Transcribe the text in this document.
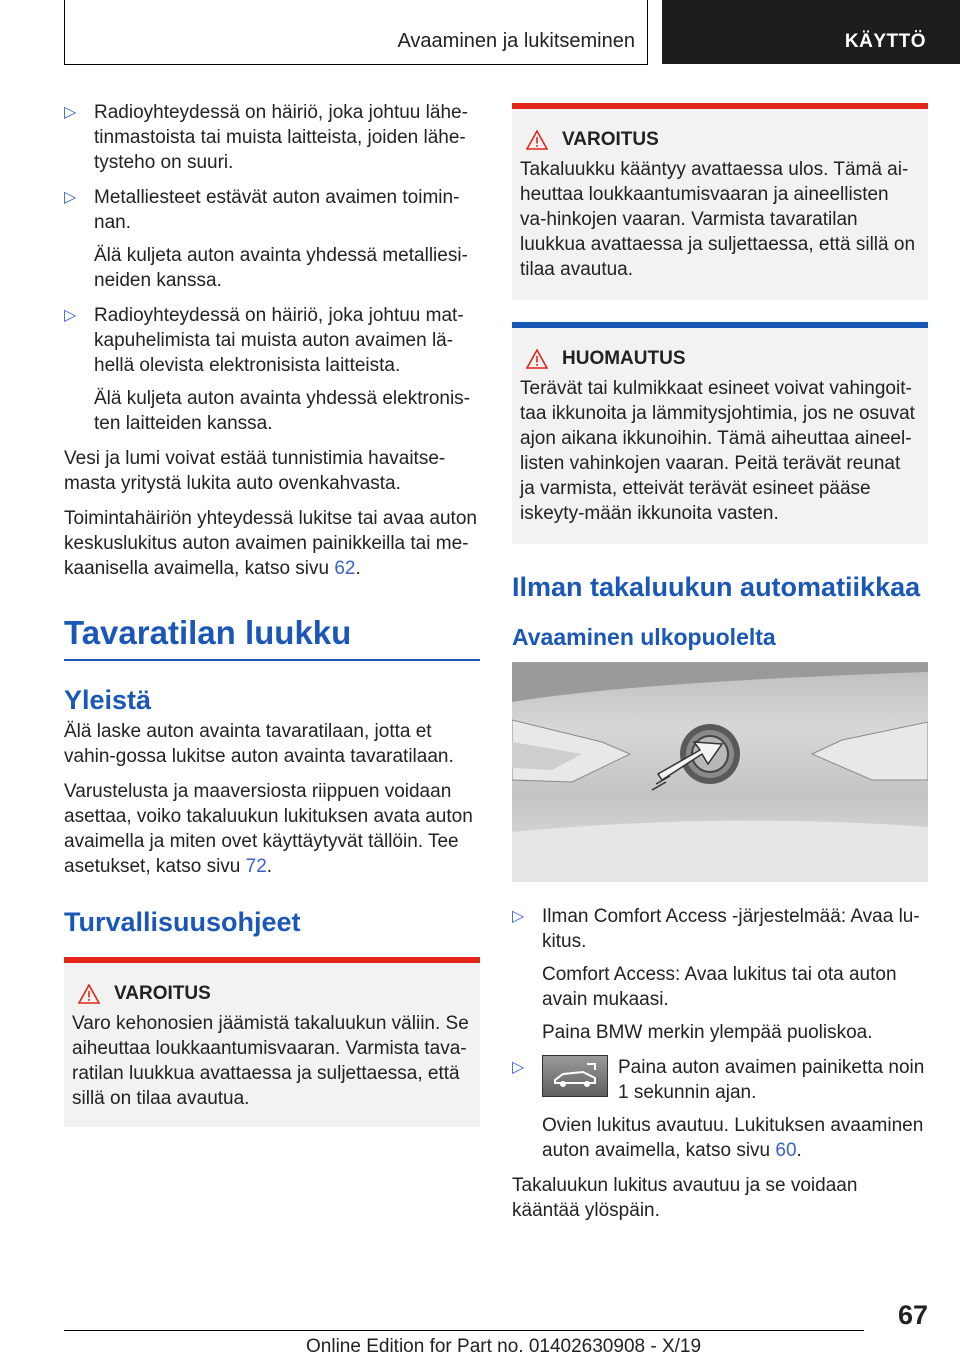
Avaaminen ja lukitseminen	KÄYTTÖ
▷ Radioyhteydessä on häiriö, joka johtuu lähe-tinmastoista tai muista laitteista, joiden lähe-tysteho on suuri.
▷ Metalliesteet estävät auton avaimen toimin-nan.
Älä kuljeta auton avainta yhdessä metalliesi-neiden kanssa.
▷ Radioyhteydessä on häiriö, joka johtuu mat-kapuhelimista tai muista auton avaimen lä-hellä olevista elektronisista laitteista.
Älä kuljeta auton avainta yhdessä elektronis-ten laitteiden kanssa.

Vesi ja lumi voivat estää tunnistimia havaitse-masta yritystä lukita auto ovenkahvasta.

Toimintahäiriön yhteydessä lukitse tai avaa auton keskuslukitus auton avaimen painikkeilla tai me-kaanisella avaimella, katso sivu 62.

Tavaratilan luukku
Yleistä

Älä laske auton avainta tavaratilaan, jotta et vahin-gossa lukitse auton avainta tavaratilaan.

Varustelusta ja maaversiosta riippuen voidaan asettaa, voiko takaluukun lukituksen avata auton avaimella ja miten ovet käyttäytyvät tällöin. Tee asetukset, katso sivu 72.

Turvallisuusohjeet
VAROITUS
Varo kehonosien jäämistä takaluukun väliin. Se aiheuttaa loukkaantumisvaaran. Varmista tava-ratilan luukkua avattaessa ja suljettaessa, että sillä on tilaa avautua.
VAROITUS
Takaluukku kääntyy avattaessa ulos. Tämä ai-heuttaa loukkaantumisvaaran ja aineellisten va-hinkojen vaaran. Varmista tavaratilan luukkua avattaessa ja suljettaessa, että sillä on tilaa avautua.
HUOMAUTUS
Terävät tai kulmikkaat esineet voivat vahingoit-taa ikkunoita ja lämmitysjohtimia, jos ne osuvat ajon aikana ikkunoihin. Tämä aiheuttaa aineel-listen vahinkojen vaaran. Peitä terävät reunat ja varmista, etteivät terävät esineet pääse iskeyty-mään ikkunoita vasten.
Ilman takaluukun automatiikkaa
Avaaminen ulkopuolelta
▷ Ilman Comfort Access -järjestelmää: Avaa lu-kitus.
Comfort Access: Avaa lukitus tai ota auton avain mukaasi.
Paina BMW merkin ylempää puoliskoa.
▷	Paina auton avaimen painiketta noin 1 sekunnin ajan.
Ovien lukitus avautuu. Lukituksen avaaminen auton avaimella, katso sivu 60.

Takaluukun lukitus avautuu ja se voidaan kääntää ylöspäin.

67
Online Edition for Part no. 01402630908 - X/19
